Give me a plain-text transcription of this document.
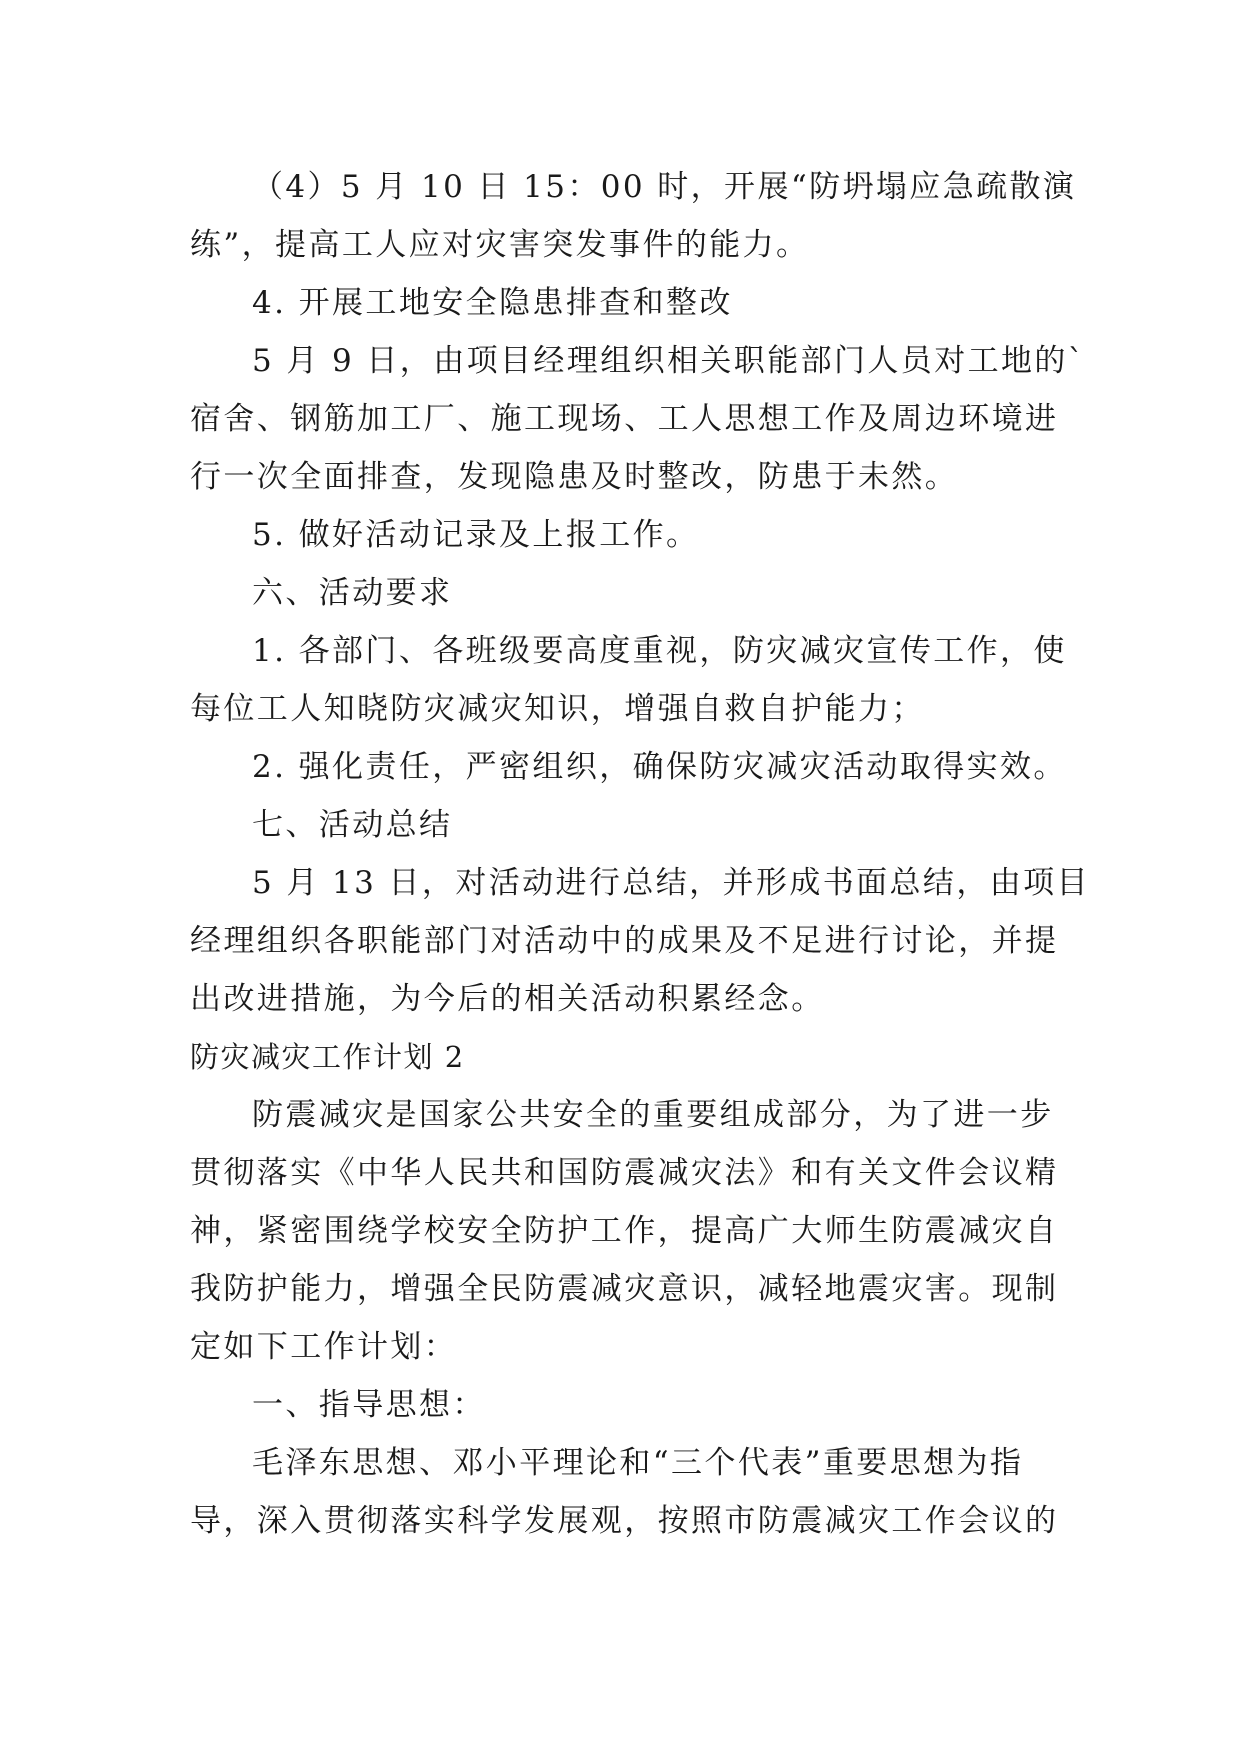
（4）5 月 10 日 15：00 时，开展“防坍塌应急疏散演
练”，提高工人应对灾害突发事件的能力。
4. 开展工地安全隐患排查和整改
5 月 9 日，由项目经理组织相关职能部门人员对工地的`
宿舍、钢筋加工厂、施工现场、工人思想工作及周边环境进
行一次全面排查，发现隐患及时整改，防患于未然。
5. 做好活动记录及上报工作。
六、活动要求
1. 各部门、各班级要高度重视，防灾减灾宣传工作，使
每位工人知晓防灾减灾知识，增强自救自护能力；
2. 强化责任，严密组织，确保防灾减灾活动取得实效。
七、活动总结
5 月 13 日，对活动进行总结，并形成书面总结，由项目
经理组织各职能部门对活动中的成果及不足进行讨论，并提
出改进措施，为今后的相关活动积累经念。
防灾减灾工作计划 2
防震减灾是国家公共安全的重要组成部分，为了进一步
贯彻落实《中华人民共和国防震减灾法》和有关文件会议精
神，紧密围绕学校安全防护工作，提高广大师生防震减灾自
我防护能力，增强全民防震减灾意识，减轻地震灾害。现制
定如下工作计划：
一、指导思想：
毛泽东思想、邓小平理论和“三个代表”重要思想为指
导，深入贯彻落实科学发展观，按照市防震减灾工作会议的
